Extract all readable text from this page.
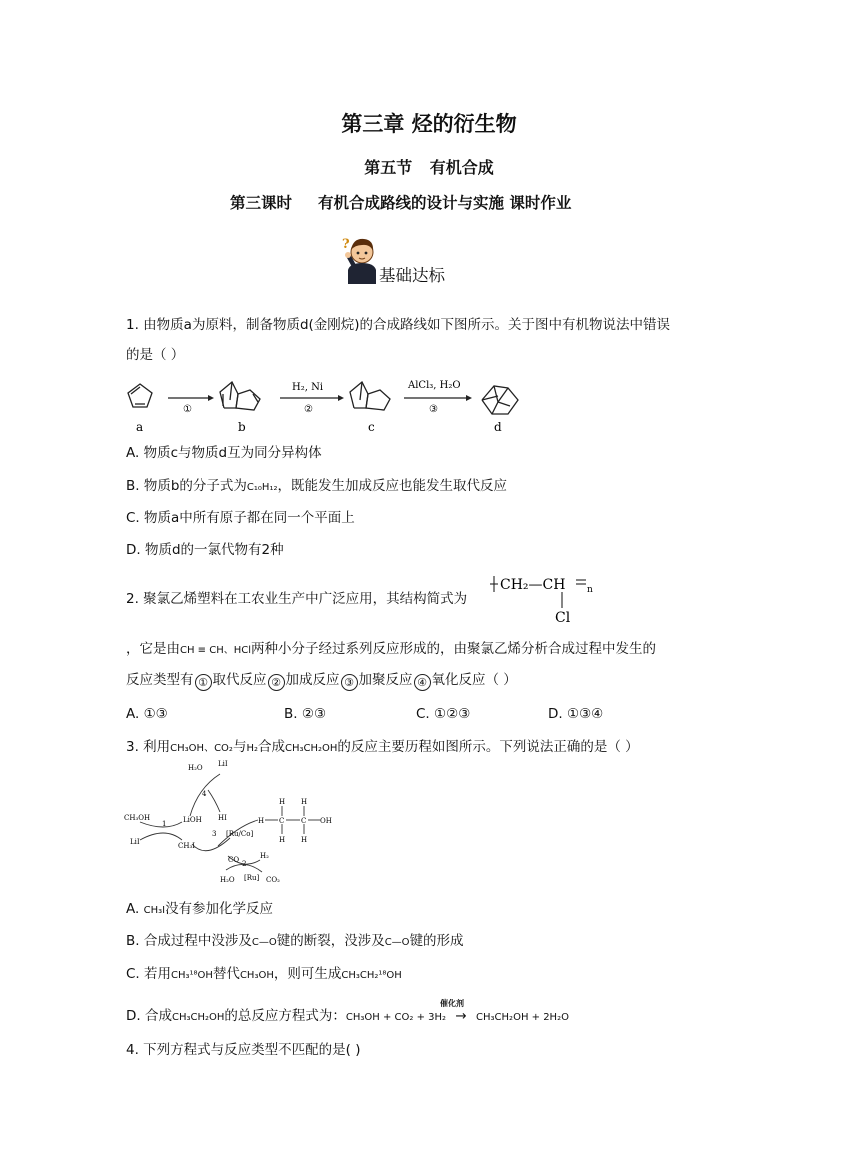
第三章 烃的衍生物
第五节 有机合成
第三课时 有机合成路线的设计与实施 课时作业
?
基础达标
1. 由物质a为原料，制备物质d(金刚烷)的合成路线如下图所示。关于图中有机物说法中错误
的是（ ）
a
①
b
H₂, Ni
②
c
AlCl₃, H₂O
③
d
A. 物质c与物质d互为同分异构体
B. 物质b的分子式为C₁₀H₁₂，既能发生加成反应也能发生取代反应
C. 物质a中所有原子都在同一个平面上
D. 物质d的一氯代物有2种
2. 聚氯乙烯塑料在工农业生产中广泛应用，其结构简式为
CH₂—CH n
Cl
，它是由CH ≡ CH、HCl两种小分子经过系列反应形成的，由聚氯乙烯分析合成过程中发生的
反应类型有 ① 取代反应 ② 加成反应 ③ 加聚反应 ④ 氧化反应（ ）
A. ①③	B. ②③	C. ①②③	D. ①③④
3. 利用CH₃OH、CO₂与H₂合成CH₃CH₂OH的反应主要历程如图所示。下列说法正确的是（ ）
CH₃OH
LiI
1 LiOH
CH₃I
H₂O LiI
4
HI
3 [Ru/Co]
CO	H₂
2
H₂O [Ru] CO₂
H C C OH
H H
H H
A. CH₃I没有参加化学反应
B. 合成过程中没涉及C—O键的断裂，没涉及C—O键的形成
C. 若用CH₃¹⁸OH替代CH₃OH，则可生成CH₃CH₂¹⁸OH
D. 合成CH₃CH₂OH的总反应方程式为：CH₃OH + CO₂ + 3H₂
催化剂
→ CH₃CH₂OH + 2H₂O
4. 下列方程式与反应类型不匹配的是( )
